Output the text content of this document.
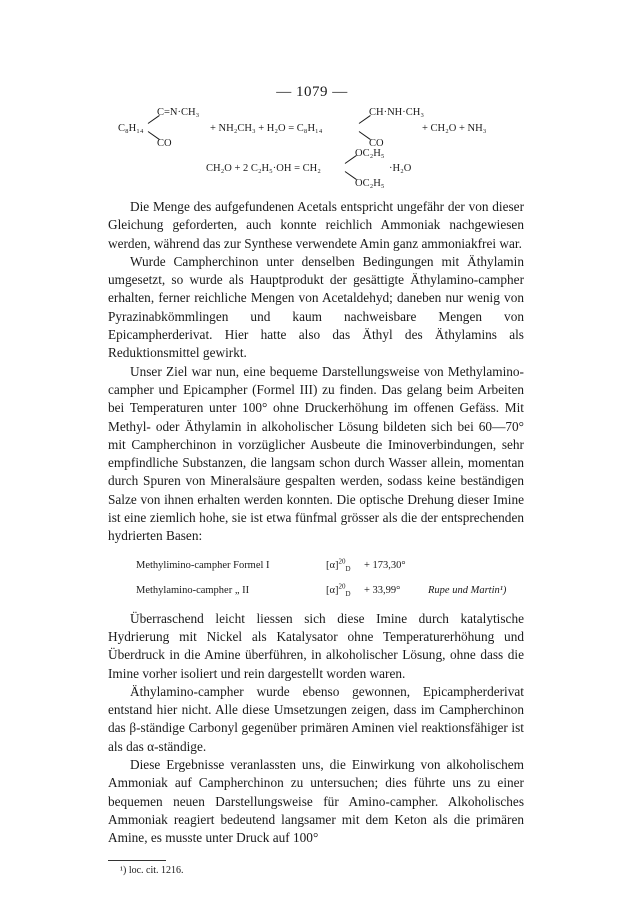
— 1079 —
C₈H₁₄
C=N·CH₃
CO
+ NH₂CH₃ + H₂O = C₈H₁₄
CH·NH·CH₃
CO
+ CH₂O + NH₃
CH₂O + 2 C₂H₅·OH = CH₂
OC₂H₅
OC₂H₅
·H₂O

Die Menge des aufgefundenen Acetals entspricht ungefähr der von dieser Gleichung geforderten, auch konnte reichlich Ammoniak nachgewiesen werden, während das zur Synthese verwendete Amin ganz ammoniakfrei war.

Wurde Campherchinon unter denselben Bedingungen mit Äthylamin umgesetzt, so wurde als Hauptprodukt der gesättigte Äthylamino-campher erhalten, ferner reichliche Mengen von Acetaldehyd; daneben nur wenig von Pyrazinabkömmlingen und kaum nachweisbare Mengen von Epicampherderivat. Hier hatte also das Äthyl des Äthylamins als Reduktionsmittel gewirkt.

Unser Ziel war nun, eine bequeme Darstellungsweise von Methylamino-campher und Epicampher (Formel III) zu finden. Das gelang beim Arbeiten bei Temperaturen unter 100° ohne Druckerhöhung im offenen Gefäss. Mit Methyl- oder Äthylamin in alkoholischer Lösung bildeten sich bei 60—70° mit Campherchinon in vorzüglicher Ausbeute die Iminoverbindungen, sehr empfindliche Substanzen, die langsam schon durch Wasser allein, momentan durch Spuren von Mineralsäure gespalten werden, sodass keine beständigen Salze von ihnen erhalten werden konnten. Die optische Drehung dieser Imine ist eine ziemlich hohe, sie ist etwa fünfmal grösser als die der entsprechenden hydrierten Basen:

Methylimino-campher Formel I	$[\alpha]^{20}_D + 173,30^\circ$
Methylamino-campher „ II	$[\alpha]^{20}_D + 33,99^\circ$	Rupe und Martin¹)

Überraschend leicht liessen sich diese Imine durch katalytische Hydrierung mit Nickel als Katalysator ohne Temperaturerhöhung und Überdruck in die Amine überführen, in alkoholischer Lösung, ohne dass die Imine vorher isoliert und rein dargestellt worden waren.

Äthylamino-campher wurde ebenso gewonnen, Epicampherderivat entstand hier nicht. Alle diese Umsetzungen zeigen, dass im Campherchinon das β-ständige Carbonyl gegenüber primären Aminen viel reaktionsfähiger ist als das α-ständige.

Diese Ergebnisse veranlassten uns, die Einwirkung von alkoholischem Ammoniak auf Campherchinon zu untersuchen; dies führte uns zu einer bequemen neuen Darstellungsweise für Amino-campher. Alkoholisches Ammoniak reagiert bedeutend langsamer mit dem Keton als die primären Amine, es musste unter Druck auf 100°

¹) loc. cit. 1216.
